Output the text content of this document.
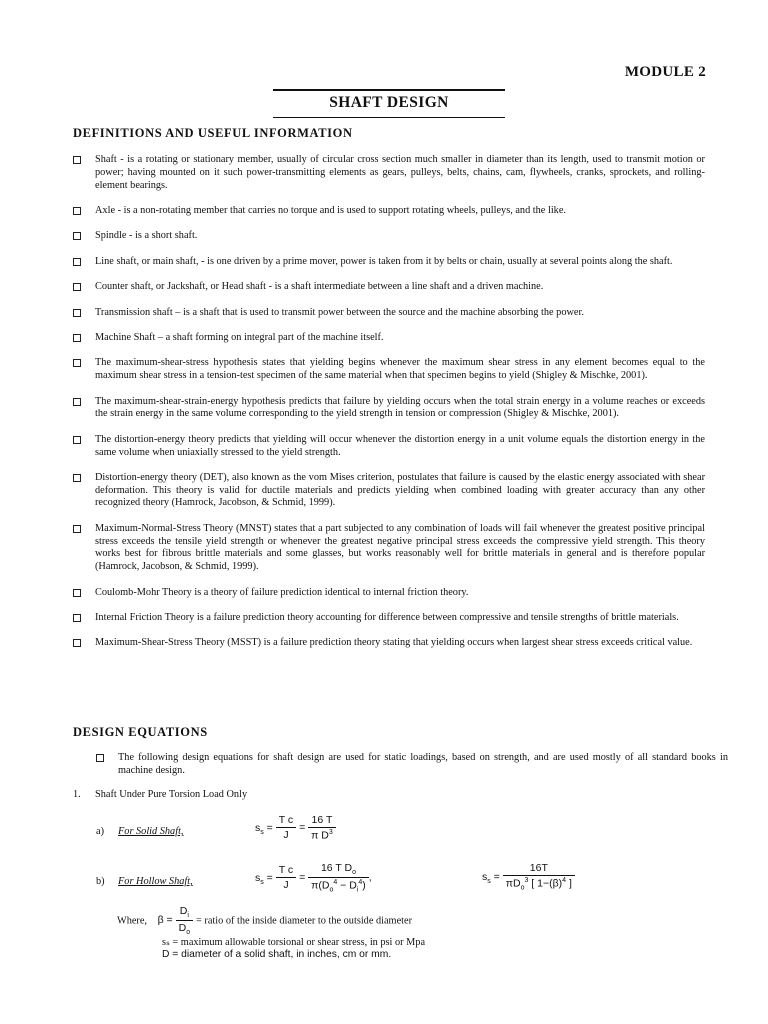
MODULE 2
SHAFT DESIGN
DEFINITIONS AND USEFUL INFORMATION
Shaft - is a rotating or stationary member, usually of circular cross section much smaller in diameter than its length, used to transmit motion or power; having mounted on it such power-transmitting elements as gears, pulleys, belts, chains, cam, flywheels, cranks, sprockets, and rolling-element bearings.
Axle - is a non-rotating member that carries no torque and is used to support rotating wheels, pulleys, and the like.
Spindle - is a short shaft.
Line shaft, or main shaft, - is one driven by a prime mover, power is taken from it by belts or chain, usually at several points along the shaft.
Counter shaft, or Jackshaft, or Head shaft - is a shaft intermediate between a line shaft and a driven machine.
Transmission shaft – is a shaft that is used to transmit power between the source and the machine absorbing the power.
Machine Shaft – a shaft forming on integral part of the machine itself.
The maximum-shear-stress hypothesis states that yielding begins whenever the maximum shear stress in any element becomes equal to the maximum shear stress in a tension-test specimen of the same material when that specimen begins to yield (Shigley & Mischke, 2001).
The maximum-shear-strain-energy hypothesis predicts that failure by yielding occurs when the total strain energy in a volume reaches or exceeds the strain energy in the same volume corresponding to the yield strength in tension or compression (Shigley & Mischke, 2001).
The distortion-energy theory predicts that yielding will occur whenever the distortion energy in a unit volume equals the distortion energy in the same volume when uniaxially stressed to the yield strength.
Distortion-energy theory (DET), also known as the vom Mises criterion, postulates that failure is caused by the elastic energy associated with shear deformation. This theory is valid for ductile materials and predicts yielding when combined loading with greater accuracy than any other recognized theory (Hamrock, Jacobson, & Schmid, 1999).
Maximum-Normal-Stress Theory (MNST) states that a part subjected to any combination of loads will fail whenever the greatest positive principal stress exceeds the tensile yield strength or whenever the greatest negative principal stress exceeds the compressive yield strength. This theory works best for fibrous brittle materials and some glasses, but works reasonably well for brittle materials in general and is therefore popular (Hamrock, Jacobson, & Schmid, 1999).
Coulomb-Mohr Theory is a theory of failure prediction identical to internal friction theory.
Internal Friction Theory is a failure prediction theory accounting for difference between compressive and tensile strengths of brittle materials.
Maximum-Shear-Stress Theory (MSST) is a failure prediction theory stating that yielding occurs when largest shear stress exceeds critical value.
DESIGN EQUATIONS
The following design equations for shaft design are used for static loadings, based on strength, and are used mostly of all standard books in machine design.
1. Shaft Under Pure Torsion Load Only
a) For Solid Shaft,	$s_s = \frac{\text{T c}}{J} = \frac{16 T}{\pi D^3}$
b) For Hollow Shaft,	$s_s = \frac{\text{T c}}{J} = \frac{16 T D_o}{\pi(D_o^4 - D_i^4)}$ ,	$s_s = \frac{16T}{\pi D_o^3 [ 1-(\beta)^4 ]}$
Where, $\beta = \frac{D_i}{D_o}$ = ratio of the inside diameter to the outside diameter
sₛ = maximum allowable torsional or shear stress, in psi or Mpa
D = diameter of a solid shaft, in inches, cm or mm.
